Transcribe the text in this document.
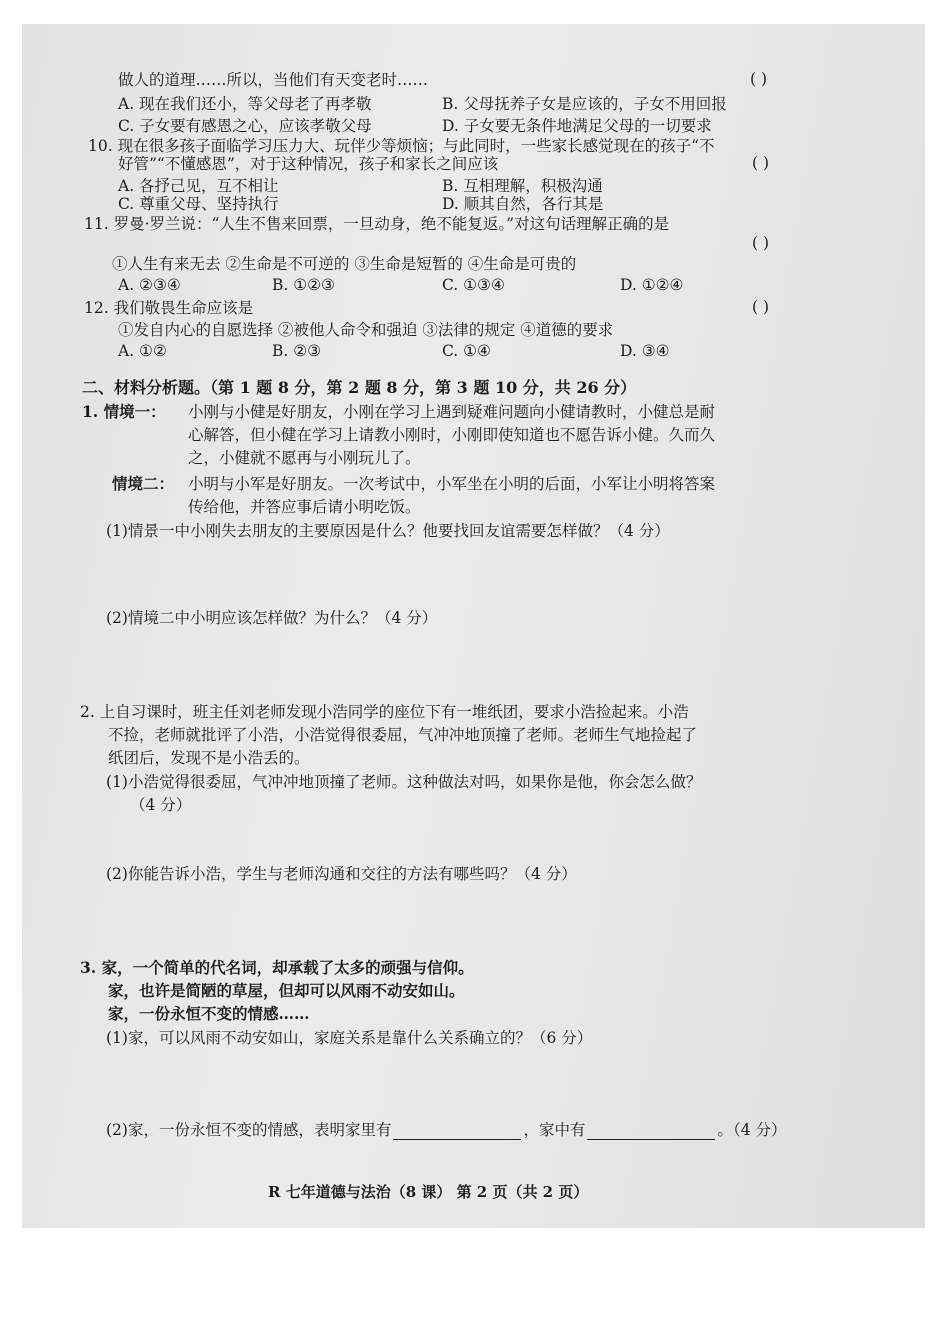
做人的道理……所以，当他们有天变老时……	( )
A. 现在我们还小，等父母老了再孝敬	B. 父母抚养子女是应该的，子女不用回报
C. 子女要有感恩之心，应该孝敬父母	D. 子女要无条件地满足父母的一切要求
10. 现在很多孩子面临学习压力大、玩伴少等烦恼；与此同时，一些家长感觉现在的孩子“不
好管”“不懂感恩”，对于这种情况，孩子和家长之间应该	( )
A. 各抒己见，互不相让	B. 互相理解，积极沟通
C. 尊重父母、坚持执行	D. 顺其自然，各行其是
11. 罗曼·罗兰说：“人生不售来回票，一旦动身，绝不能复返。”对这句话理解正确的是
( )
①人生有来无去 ②生命是不可逆的 ③生命是短暂的 ④生命是可贵的
A. ②③④	B. ①②③	C. ①③④	D. ①②④
12. 我们敬畏生命应该是	( )
①发自内心的自愿选择 ②被他人命令和强迫 ③法律的规定 ④道德的要求
A. ①②	B. ②③	C. ①④	D. ③④
二、材料分析题。（第 1 题 8 分，第 2 题 8 分，第 3 题 10 分，共 26 分）
1. 情境一： 小刚与小健是好朋友，小刚在学习上遇到疑难问题向小健请教时，小健总是耐
心解答，但小健在学习上请教小刚时，小刚即使知道也不愿告诉小健。久而久
之，小健就不愿再与小刚玩儿了。
情境二： 小明与小军是好朋友。一次考试中，小军坐在小明的后面，小军让小明将答案
传给他，并答应事后请小明吃饭。
(1)情景一中小刚失去朋友的主要原因是什么？他要找回友谊需要怎样做？（4 分）
(2)情境二中小明应该怎样做？为什么？（4 分）
2. 上自习课时，班主任刘老师发现小浩同学的座位下有一堆纸团，要求小浩捡起来。小浩
不捡，老师就批评了小浩，小浩觉得很委屈，气冲冲地顶撞了老师。老师生气地捡起了
纸团后，发现不是小浩丢的。
(1)小浩觉得很委屈，气冲冲地顶撞了老师。这种做法对吗，如果你是他，你会怎么做？
（4 分）
(2)你能告诉小浩，学生与老师沟通和交往的方法有哪些吗？（4 分）
3. 家，一个简单的代名词，却承载了太多的顽强与信仰。
家，也许是简陋的草屋，但却可以风雨不动安如山。
家，一份永恒不变的情感……
(1)家，可以风雨不动安如山，家庭关系是靠什么关系确立的？（6 分）
(2)家，一份永恒不变的情感，表明家里有	，家中有	。（4 分）
R 七年道德与法治（8 课） 第 2 页（共 2 页）
